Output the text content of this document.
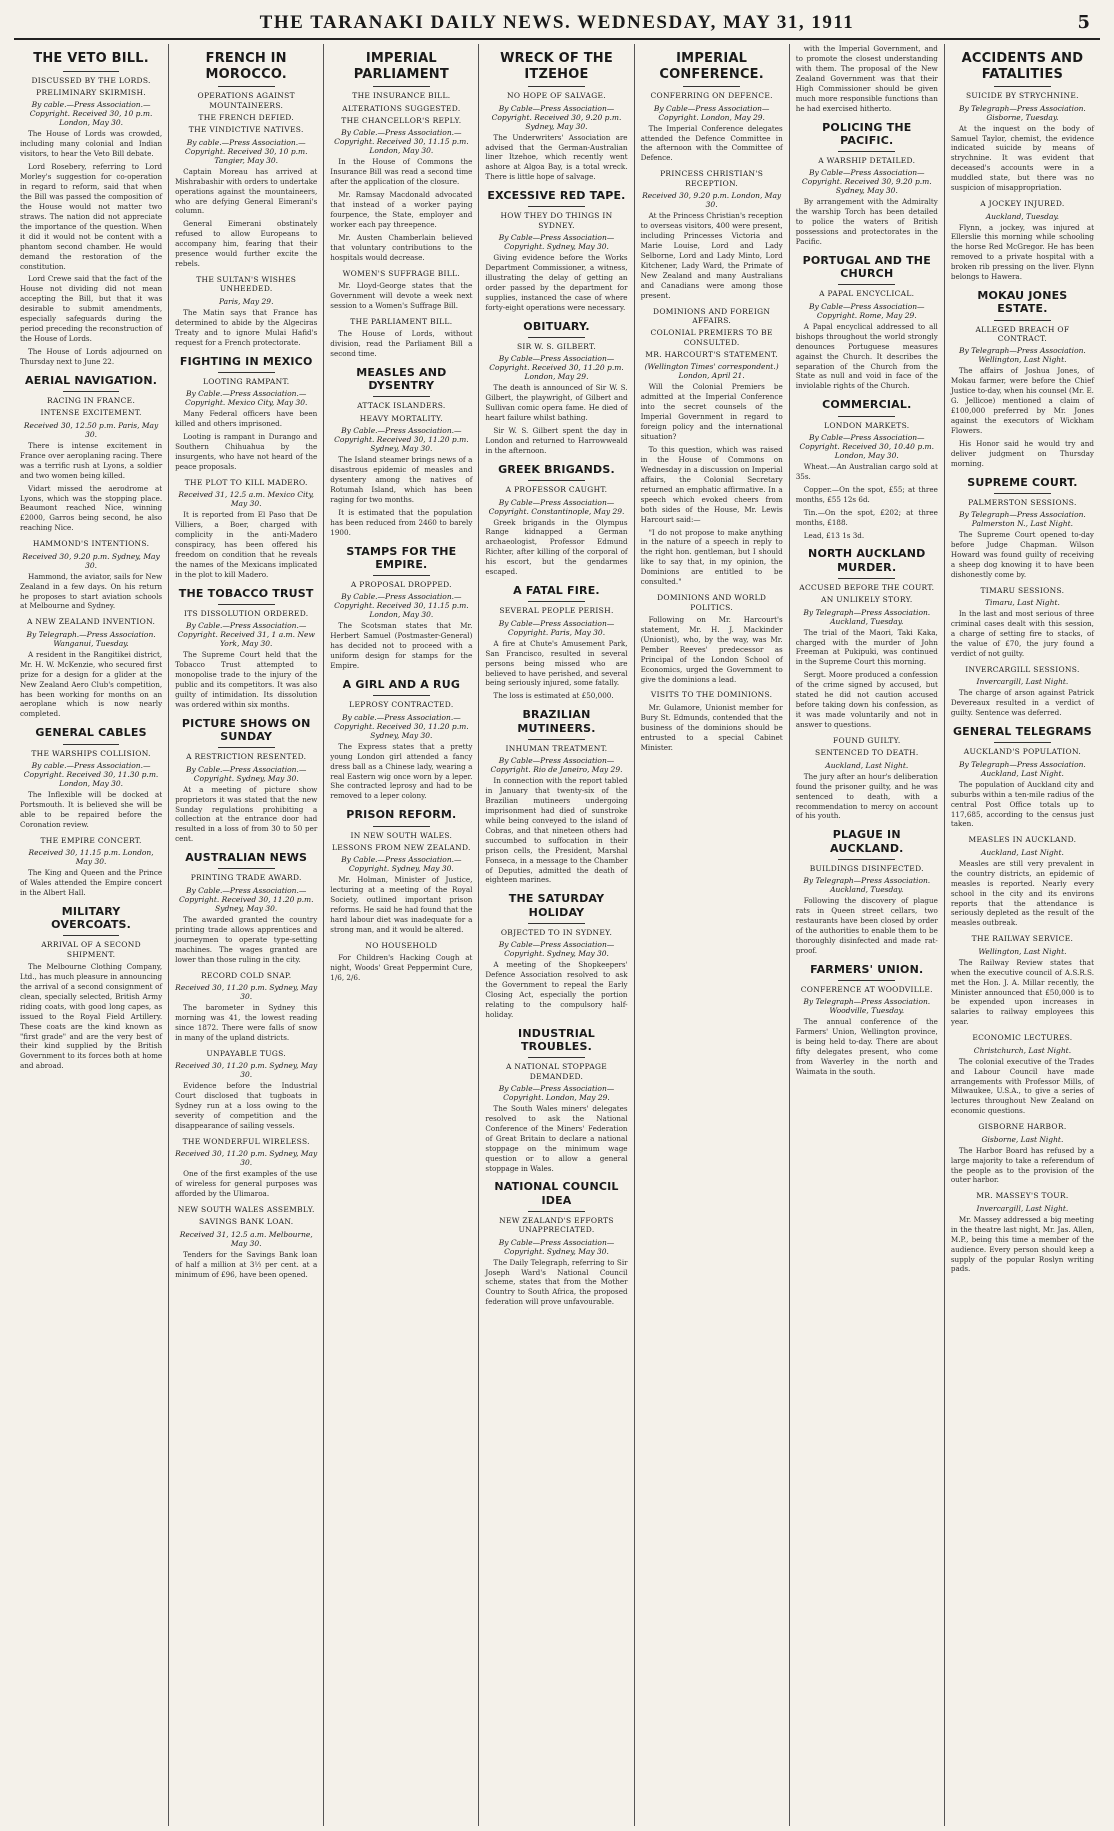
THE TARANAKI DAILY NEWS. WEDNESDAY, MAY 31, 1911	5
THE VETO BILL.
DISCUSSED BY THE LORDS.
PRELIMINARY SKIRMISH.
By cable.—Press Association.—Copyright. Received 30, 10 p.m. London, May 30.

The House of Lords was crowded, including many colonial and Indian visitors, to hear the Veto Bill debate.

Lord Rosebery, referring to Lord Morley's suggestion for co-operation in regard to reform, said that when the Bill was passed the composition of the House would not matter two straws. The nation did not appreciate the importance of the question. When it did it would not be content with a phantom second chamber. He would demand the restoration of the constitution.

Lord Crewe said that the fact of the House not dividing did not mean accepting the Bill, but that it was desirable to submit amendments, especially safeguards during the period preceding the reconstruction of the House of Lords.

The House of Lords adjourned on Thursday next to June 22.

AERIAL NAVIGATION.
RACING IN FRANCE.
INTENSE EXCITEMENT.
Received 30, 12.50 p.m. Paris, May 30.

There is intense excitement in France over aeroplaning racing. There was a terrific rush at Lyons, a soldier and two women being killed.

Vidart missed the aerodrome at Lyons, which was the stopping place. Beaumont reached Nice, winning £2000, Garros being second, he also reaching Nice.

HAMMOND'S INTENTIONS.
Received 30, 9.20 p.m. Sydney, May 30.

Hammond, the aviator, sails for New Zealand in a few days. On his return he proposes to start aviation schools at Melbourne and Sydney.

A NEW ZEALAND INVENTION.
By Telegraph.—Press Association. Wanganui, Tuesday.

A resident in the Rangitikei district, Mr. H. W. McKenzie, who secured first prize for a design for a glider at the New Zealand Aero Club's competition, has been working for months on an aeroplane which is now nearly completed.

GENERAL CABLES
THE WARSHIPS COLLISION.
By cable.—Press Association.—Copyright. Received 30, 11.30 p.m. London, May 30.

The Inflexible will be docked at Portsmouth. It is believed she will be able to be repaired before the Coronation review.

THE EMPIRE CONCERT.
Received 30, 11.15 p.m. London, May 30.

The King and Queen and the Prince of Wales attended the Empire concert in the Albert Hall.

MILITARY OVERCOATS.
ARRIVAL OF A SECOND SHIPMENT.

The Melbourne Clothing Company, Ltd., has much pleasure in announcing the arrival of a second consignment of clean, specially selected, British Army riding coats, with good long capes, as issued to the Royal Field Artillery. These coats are the kind known as "first grade" and are the very best of their kind supplied by the British Government to its forces both at home and abroad.

FRENCH IN MOROCCO.
OPERATIONS AGAINST MOUNTAINEERS.
THE FRENCH DEFIED.
THE VINDICTIVE NATIVES.
By cable.—Press Association.—Copyright. Received 30, 10 p.m. Tangier, May 30.

Captain Moreau has arrived at Mishrabashir with orders to undertake operations against the mountaineers, who are defying General Eimerani's column.

General Eimerani obstinately refused to allow Europeans to accompany him, fearing that their presence would further excite the rebels.

THE SULTAN'S WISHES UNHEEDED.
Paris, May 29.

The Matin says that France has determined to abide by the Algeciras Treaty and to ignore Mulai Hafid's request for a French protectorate.

FIGHTING IN MEXICO
LOOTING RAMPANT.
By Cable.—Press Association.—Copyright. Mexico City, May 30.

Many Federal officers have been killed and others imprisoned.

Looting is rampant in Durango and Southern Chihuahua by the insurgents, who have not heard of the peace proposals.

THE PLOT TO KILL MADERO.
Received 31, 12.5 a.m. Mexico City, May 30.

It is reported from El Paso that De Villiers, a Boer, charged with complicity in the anti-Madero conspiracy, has been offered his freedom on condition that he reveals the names of the Mexicans implicated in the plot to kill Madero.

THE TOBACCO TRUST
ITS DISSOLUTION ORDERED.
By Cable.—Press Association.—Copyright. Received 31, 1 a.m. New York, May 30.

The Supreme Court held that the Tobacco Trust attempted to monopolise trade to the injury of the public and its competitors. It was also guilty of intimidation. Its dissolution was ordered within six months.

PICTURE SHOWS ON SUNDAY
A RESTRICTION RESENTED.
By Cable.—Press Association.—Copyright. Sydney, May 30.

At a meeting of picture show proprietors it was stated that the new Sunday regulations prohibiting a collection at the entrance door had resulted in a loss of from 30 to 50 per cent.

AUSTRALIAN NEWS
PRINTING TRADE AWARD.
By Cable.—Press Association.—Copyright. Received 30, 11.20 p.m. Sydney, May 30.

The awarded granted the country printing trade allows apprentices and journeymen to operate type-setting machines. The wages granted are lower than those ruling in the city.

RECORD COLD SNAP.
Received 30, 11.20 p.m. Sydney, May 30.

The barometer in Sydney this morning was 41, the lowest reading since 1872. There were falls of snow in many of the upland districts.

UNPAYABLE TUGS.
Received 30, 11.20 p.m. Sydney, May 30.

Evidence before the Industrial Court disclosed that tugboats in Sydney run at a loss owing to the severity of competition and the disappearance of sailing vessels.

THE WONDERFUL WIRELESS.
Received 30, 11.20 p.m. Sydney, May 30.

One of the first examples of the use of wireless for general purposes was afforded by the Ulimaroa.

NEW SOUTH WALES ASSEMBLY.
SAVINGS BANK LOAN.
Received 31, 12.5 a.m. Melbourne, May 30.

Tenders for the Savings Bank loan of half a million at 3½ per cent. at a minimum of £96, have been opened.

IMPERIAL PARLIAMENT
THE INSURANCE BILL.
ALTERATIONS SUGGESTED.
THE CHANCELLOR'S REPLY.
By Cable.—Press Association.—Copyright. Received 30, 11.15 p.m. London, May 30.

In the House of Commons the Insurance Bill was read a second time after the application of the closure.

Mr. Ramsay Macdonald advocated that instead of a worker paying fourpence, the State, employer and worker each pay threepence.

Mr. Austen Chamberlain believed that voluntary contributions to the hospitals would decrease.

WOMEN'S SUFFRAGE BILL.

Mr. Lloyd-George states that the Government will devote a week next session to a Women's Suffrage Bill.

THE PARLIAMENT BILL.

The House of Lords, without division, read the Parliament Bill a second time.

MEASLES AND DYSENTRY
ATTACK ISLANDERS.
HEAVY MORTALITY.
By Cable.—Press Association.—Copyright. Received 30, 11.20 p.m. Sydney, May 30.

The Island steamer brings news of a disastrous epidemic of measles and dysentery among the natives of Rotumah Island, which has been raging for two months.

It is estimated that the population has been reduced from 2460 to barely 1900.

STAMPS FOR THE EMPIRE.
A PROPOSAL DROPPED.
By Cable.—Press Association.—Copyright. Received 30, 11.15 p.m. London, May 30.

The Scotsman states that Mr. Herbert Samuel (Postmaster-General) has decided not to proceed with a uniform design for stamps for the Empire.

A GIRL AND A RUG
LEPROSY CONTRACTED.
By cable.—Press Association.—Copyright. Received 30, 11.20 p.m. Sydney, May 30.

The Express states that a pretty young London girl attended a fancy dress ball as a Chinese lady, wearing a real Eastern wig once worn by a leper. She contracted leprosy and had to be removed to a leper colony.

PRISON REFORM.
IN NEW SOUTH WALES.
LESSONS FROM NEW ZEALAND.
By Cable.—Press Association.—Copyright. Sydney, May 30.

Mr. Holman, Minister of Justice, lecturing at a meeting of the Royal Society, outlined important prison reforms. He said he had found that the hard labour diet was inadequate for a strong man, and it would be altered.

NO HOUSEHOLD

For Children's Hacking Cough at night, Woods' Great Peppermint Cure, 1/6, 2/6.

WRECK OF THE ITZEHOE
NO HOPE OF SALVAGE.
By Cable—Press Association—Copyright. Received 30, 9.20 p.m. Sydney, May 30.

The Underwriters' Association are advised that the German-Australian liner Itzehoe, which recently went ashore at Algoa Bay, is a total wreck. There is little hope of salvage.

EXCESSIVE RED TAPE.
HOW THEY DO THINGS IN SYDNEY.
By Cable—Press Association—Copyright. Sydney, May 30.

Giving evidence before the Works Department Commissioner, a witness, illustrating the delay of getting an order passed by the department for supplies, instanced the case of where forty-eight operations were necessary.

OBITUARY.
SIR W. S. GILBERT.
By Cable—Press Association—Copyright. Received 30, 11.20 p.m. London, May 29.

The death is announced of Sir W. S. Gilbert, the playwright, of Gilbert and Sullivan comic opera fame. He died of heart failure whilst bathing.

Sir W. S. Gilbert spent the day in London and returned to Harrowweald in the afternoon.

GREEK BRIGANDS.
A PROFESSOR CAUGHT.
By Cable—Press Association—Copyright. Constantinople, May 29.

Greek brigands in the Olympus Range kidnapped a German archaeologist, Professor Edmund Richter, after killing of the corporal of his escort, but the gendarmes escaped.

A FATAL FIRE.
SEVERAL PEOPLE PERISH.
By Cable—Press Association—Copyright. Paris, May 30.

A fire at Chute's Amusement Park, San Francisco, resulted in several persons being missed who are believed to have perished, and several being seriously injured, some fatally.

The loss is estimated at £50,000.

BRAZILIAN MUTINEERS.
INHUMAN TREATMENT.
By Cable—Press Association—Copyright. Rio de Janeiro, May 29.

In connection with the report tabled in January that twenty-six of the Brazilian mutineers undergoing imprisonment had died of sunstroke while being conveyed to the island of Cobras, and that nineteen others had succumbed to suffocation in their prison cells, the President, Marshal Fonseca, in a message to the Chamber of Deputies, admitted the death of eighteen marines.

THE SATURDAY HOLIDAY
OBJECTED TO IN SYDNEY.
By Cable—Press Association—Copyright. Sydney, May 30.

A meeting of the Shopkeepers' Defence Association resolved to ask the Government to repeal the Early Closing Act, especially the portion relating to the compulsory half-holiday.

INDUSTRIAL TROUBLES.
A NATIONAL STOPPAGE DEMANDED.
By Cable—Press Association—Copyright. London, May 29.

The South Wales miners' delegates resolved to ask the National Conference of the Miners' Federation of Great Britain to declare a national stoppage on the minimum wage question or to allow a general stoppage in Wales.

NATIONAL COUNCIL IDEA
NEW ZEALAND'S EFFORTS UNAPPRECIATED.
By Cable—Press Association—Copyright. Sydney, May 30.

The Daily Telegraph, referring to Sir Joseph Ward's National Council scheme, states that from the Mother Country to South Africa, the proposed federation will prove unfavourable.

IMPERIAL CONFERENCE.
CONFERRING ON DEFENCE.
By Cable—Press Association—Copyright. London, May 29.

The Imperial Conference delegates attended the Defence Committee in the afternoon with the Committee of Defence.

PRINCESS CHRISTIAN'S RECEPTION.
Received 30, 9.20 p.m. London, May 30.

At the Princess Christian's reception to overseas visitors, 400 were present, including Princesses Victoria and Marie Louise, Lord and Lady Selborne, Lord and Lady Minto, Lord Kitchener, Lady Ward, the Primate of New Zealand and many Australians and Canadians were among those present.

DOMINIONS AND FOREIGN AFFAIRS.
COLONIAL PREMIERS TO BE CONSULTED.
MR. HARCOURT'S STATEMENT.
(Wellington Times' correspondent.) London, April 21.

Will the Colonial Premiers be admitted at the Imperial Conference into the secret counsels of the Imperial Government in regard to foreign policy and the international situation?

To this question, which was raised in the House of Commons on Wednesday in a discussion on Imperial affairs, the Colonial Secretary returned an emphatic affirmative. In a speech which evoked cheers from both sides of the House, Mr. Lewis Harcourt said:—

"I do not propose to make anything in the nature of a speech in reply to the right hon. gentleman, but I should like to say that, in my opinion, the Dominions are entitled to be consulted."

DOMINIONS AND WORLD POLITICS.

Following on Mr. Harcourt's statement, Mr. H. J. Mackinder (Unionist), who, by the way, was Mr. Pember Reeves' predecessor as Principal of the London School of Economics, urged the Government to give the dominions a lead.

VISITS TO THE DOMINIONS.

Mr. Gulamore, Unionist member for Bury St. Edmunds, contended that the business of the dominions should be entrusted to a special Cabinet Minister.

with the Imperial Government, and to promote the closest understanding with them. The proposal of the New Zealand Government was that their High Commissioner should be given much more responsible functions than he had exercised hitherto.

POLICING THE PACIFIC.
A WARSHIP DETAILED.
By Cable—Press Association—Copyright. Received 30, 9.20 p.m. Sydney, May 30.

By arrangement with the Admiralty the warship Torch has been detailed to police the waters of British possessions and protectorates in the Pacific.

PORTUGAL AND THE CHURCH
A PAPAL ENCYCLICAL.
By Cable—Press Association—Copyright. Rome, May 29.

A Papal encyclical addressed to all bishops throughout the world strongly denounces Portuguese measures against the Church. It describes the separation of the Church from the State as null and void in face of the inviolable rights of the Church.

COMMERCIAL.
LONDON MARKETS.
By Cable—Press Association—Copyright. Received 30, 10.40 p.m. London, May 30.

Wheat.—An Australian cargo sold at 35s.

Copper.—On the spot, £55; at three months, £55 12s 6d.

Tin.—On the spot, £202; at three months, £188.

Lead, £13 1s 3d.

NORTH AUCKLAND MURDER.
ACCUSED BEFORE THE COURT.
AN UNLIKELY STORY.
By Telegraph—Press Association. Auckland, Tuesday.

The trial of the Maori, Taki Kaka, charged with the murder of John Freeman at Pukipuki, was continued in the Supreme Court this morning.

Sergt. Moore produced a confession of the crime signed by accused, but stated he did not caution accused before taking down his confession, as it was made voluntarily and not in answer to questions.

FOUND GUILTY.
SENTENCED TO DEATH.
Auckland, Last Night.

The jury after an hour's deliberation found the prisoner guilty, and he was sentenced to death, with a recommendation to mercy on account of his youth.

PLAGUE IN AUCKLAND.
BUILDINGS DISINFECTED.
By Telegraph—Press Association. Auckland, Tuesday.

Following the discovery of plague rats in Queen street cellars, two restaurants have been closed by order of the authorities to enable them to be thoroughly disinfected and made rat-proof.

FARMERS' UNION.
CONFERENCE AT WOODVILLE.
By Telegraph—Press Association. Woodville, Tuesday.

The annual conference of the Farmers' Union, Wellington province, is being held to-day. There are about fifty delegates present, who come from Waverley in the north and Waimata in the south.

ACCIDENTS AND FATALITIES
SUICIDE BY STRYCHNINE.
By Telegraph—Press Association. Gisborne, Tuesday.

At the inquest on the body of Samuel Taylor, chemist, the evidence indicated suicide by means of strychnine. It was evident that deceased's accounts were in a muddled state, but there was no suspicion of misappropriation.

A JOCKEY INJURED.
Auckland, Tuesday.

Flynn, a jockey, was injured at Ellerslie this morning while schooling the horse Red McGregor. He has been removed to a private hospital with a broken rib pressing on the liver. Flynn belongs to Hawera.

MOKAU JONES ESTATE.
ALLEGED BREACH OF CONTRACT.
By Telegraph—Press Association. Wellington, Last Night.

The affairs of Joshua Jones, of Mokau farmer, were before the Chief Justice to-day, when his counsel (Mr. E. G. Jellicoe) mentioned a claim of £100,000 preferred by Mr. Jones against the executors of Wickham Flowers.

His Honor said he would try and deliver judgment on Thursday morning.

SUPREME COURT.
PALMERSTON SESSIONS.
By Telegraph—Press Association. Palmerston N., Last Night.

The Supreme Court opened to-day before Judge Chapman. Wilson Howard was found guilty of receiving a sheep dog knowing it to have been dishonestly come by.

TIMARU SESSIONS.
Timaru, Last Night.

In the last and most serious of three criminal cases dealt with this session, a charge of setting fire to stacks, of the value of £70, the jury found a verdict of not guilty.

INVERCARGILL SESSIONS.
Invercargill, Last Night.

The charge of arson against Patrick Devereaux resulted in a verdict of guilty. Sentence was deferred.

GENERAL TELEGRAMS
AUCKLAND'S POPULATION.
By Telegraph—Press Association. Auckland, Last Night.

The population of Auckland city and suburbs within a ten-mile radius of the central Post Office totals up to 117,685, according to the census just taken.

MEASLES IN AUCKLAND.
Auckland, Last Night.

Measles are still very prevalent in the country districts, an epidemic of measles is reported. Nearly every school in the city and its environs reports that the attendance is seriously depleted as the result of the measles outbreak.

THE RAILWAY SERVICE.
Wellington, Last Night.

The Railway Review states that when the executive council of A.S.R.S. met the Hon. J. A. Millar recently, the Minister announced that £50,000 is to be expended upon increases in salaries to railway employees this year.

ECONOMIC LECTURES.
Christchurch, Last Night.

The colonial executive of the Trades and Labour Council have made arrangements with Professor Mills, of Milwaukee, U.S.A., to give a series of lectures throughout New Zealand on economic questions.

GISBORNE HARBOR.
Gisborne, Last Night.

The Harbor Board has refused by a large majority to take a referendum of the people as to the provision of the outer harbor.

MR. MASSEY'S TOUR.
Invercargill, Last Night.

Mr. Massey addressed a big meeting in the theatre last night, Mr. Jas. Allen, M.P., being this time a member of the audience. Every person should keep a supply of the popular Roslyn writing pads.
